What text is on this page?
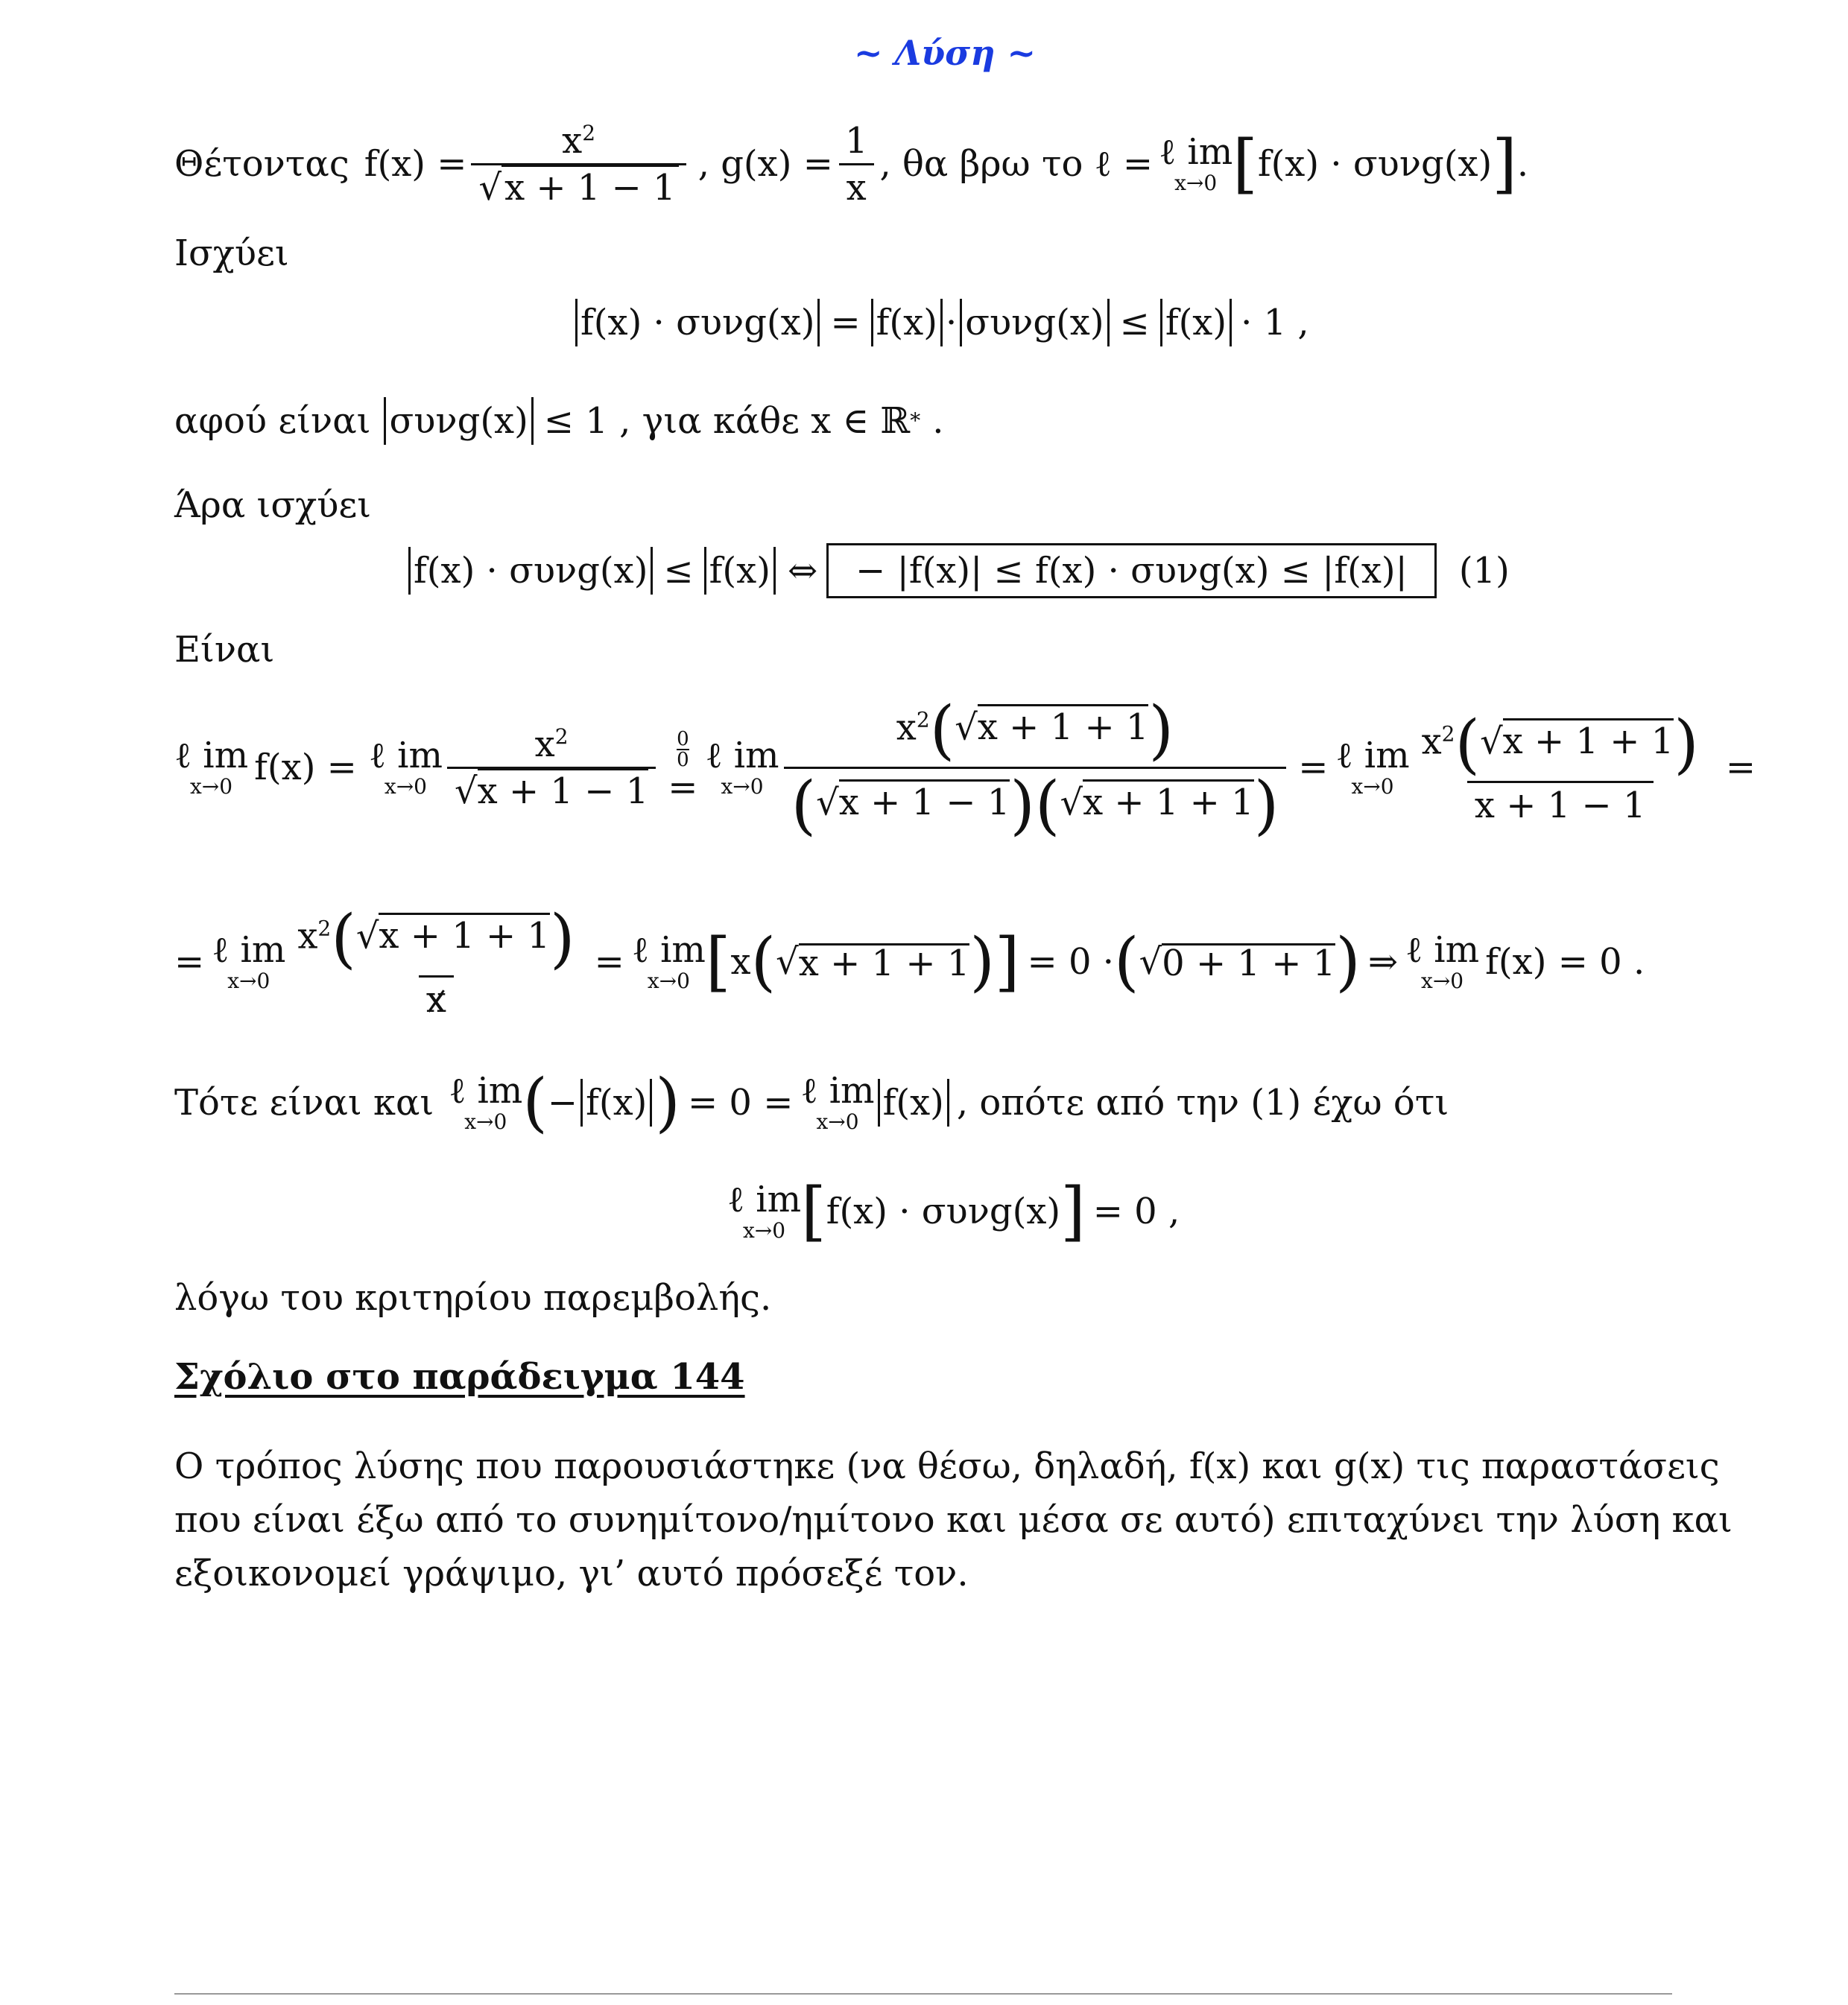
~ Λύση ~
Θέτοντας $f(x) = \frac{x^2}{√x + 1 - 1}$ , $g(x) = \frac{1}{x}$ , θα βρω το ℓ = ℓ im
x→0 [ f(x) · συνg(x) ] .
Ισχύει
f(x) · συνg(x) = f(x) · συνg(x) ≤ f(x) · 1 ,
αφού είναι συνg(x) ≤ 1 , για κάθε x ∈ ℝ * .
Άρα ισχύει
f(x) · συνg(x) ≤ f(x) ⇔	− |f(x)| ≤ f(x) · συνg(x) ≤ |f(x)|	(1)
Είναι
ℓ im
x→0 f(x) = ℓ im
$x\to 0 \frac{x^2}{√x + 1 - 1} 0$
0
=
ℓ im
$x\to 0 \frac{x^2(√x + 1 + 1)}{(√x + 1 - 1)(√x + 1 + 1)}$ = ℓ im
$x\to 0 \frac{x^2(√x + 1 + 1)}{x + 1 - 1}$ =
= ℓ im
$x\to 0 \frac{x^2(√x + 1 + 1)}{x}$ = ℓ im
x→0 [ x ( √ x + 1 + 1 )] = 0 · ( √ 0 + 1 + 1 ) ⇒ ℓ im
x→0 f(x) = 0 .
Τότε είναι και ℓ im
x→0 ( − f(x) ) = 0 = ℓ im
x→0 f(x) , οπότε από την (1) έχω ότι
ℓ im
x→0 [ f(x) · συνg(x) ] = 0 ,
λόγω του κριτηρίου παρεμβολής.
Σχόλιο στο παράδειγμα 144
Ο τρόπος λύσης που παρουσιάστηκε (να θέσω, δηλαδή, f(x) και g(x) τις παραστάσεις
που είναι έξω από το συνημίτονο/ημίτονο και μέσα σε αυτό) επιταχύνει την λύση και
εξοικονομεί γράψιμο, γι’ αυτό πρόσεξέ τον.
